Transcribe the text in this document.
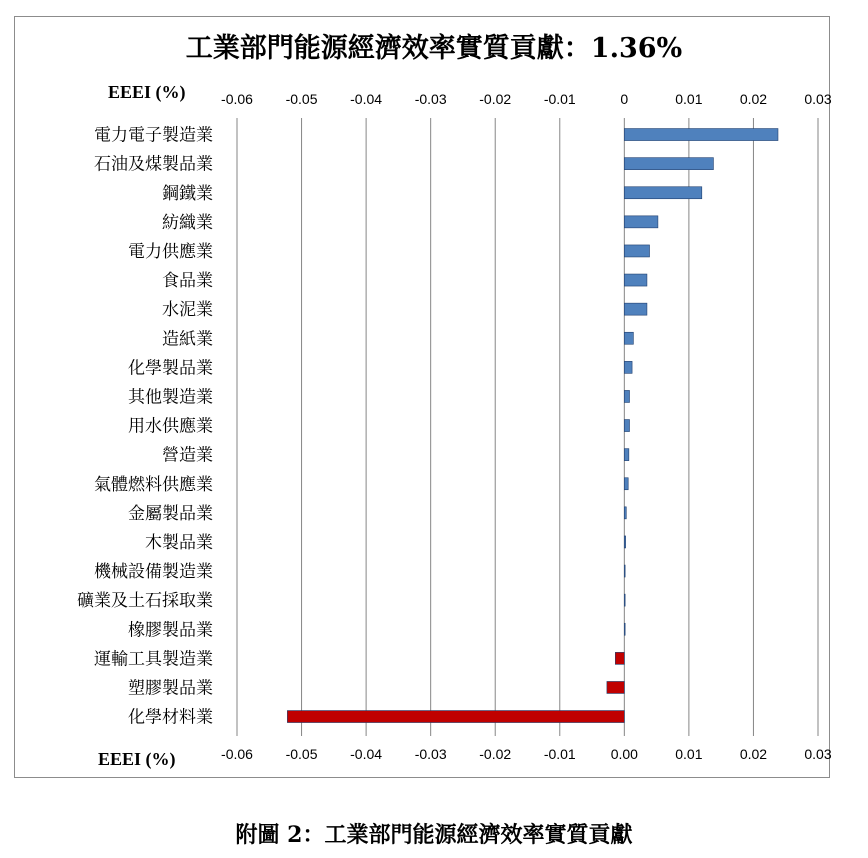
工業部門能源經濟效率實質貢獻：1.36%
電力電子製造業
石油及煤製品業
鋼鐵業
紡織業
電力供應業
食品業
水泥業
造紙業
化學製品業
其他製造業
用水供應業
營造業
氣體燃料供應業
金屬製品業
木製品業
機械設備製造業
礦業及土石採取業
橡膠製品業
運輸工具製造業
塑膠製品業
化學材料業
-0.06 -0.05 -0.04 -0.03 -0.02 -0.01	0	0.01	0.02	0.03
-0.06 -0.05 -0.04 -0.03 -0.02 -0.01 0.00	0.01	0.02	0.03
EEEI (%)
EEEI (%)
附圖 2：工業部門能源經濟效率實質貢獻
